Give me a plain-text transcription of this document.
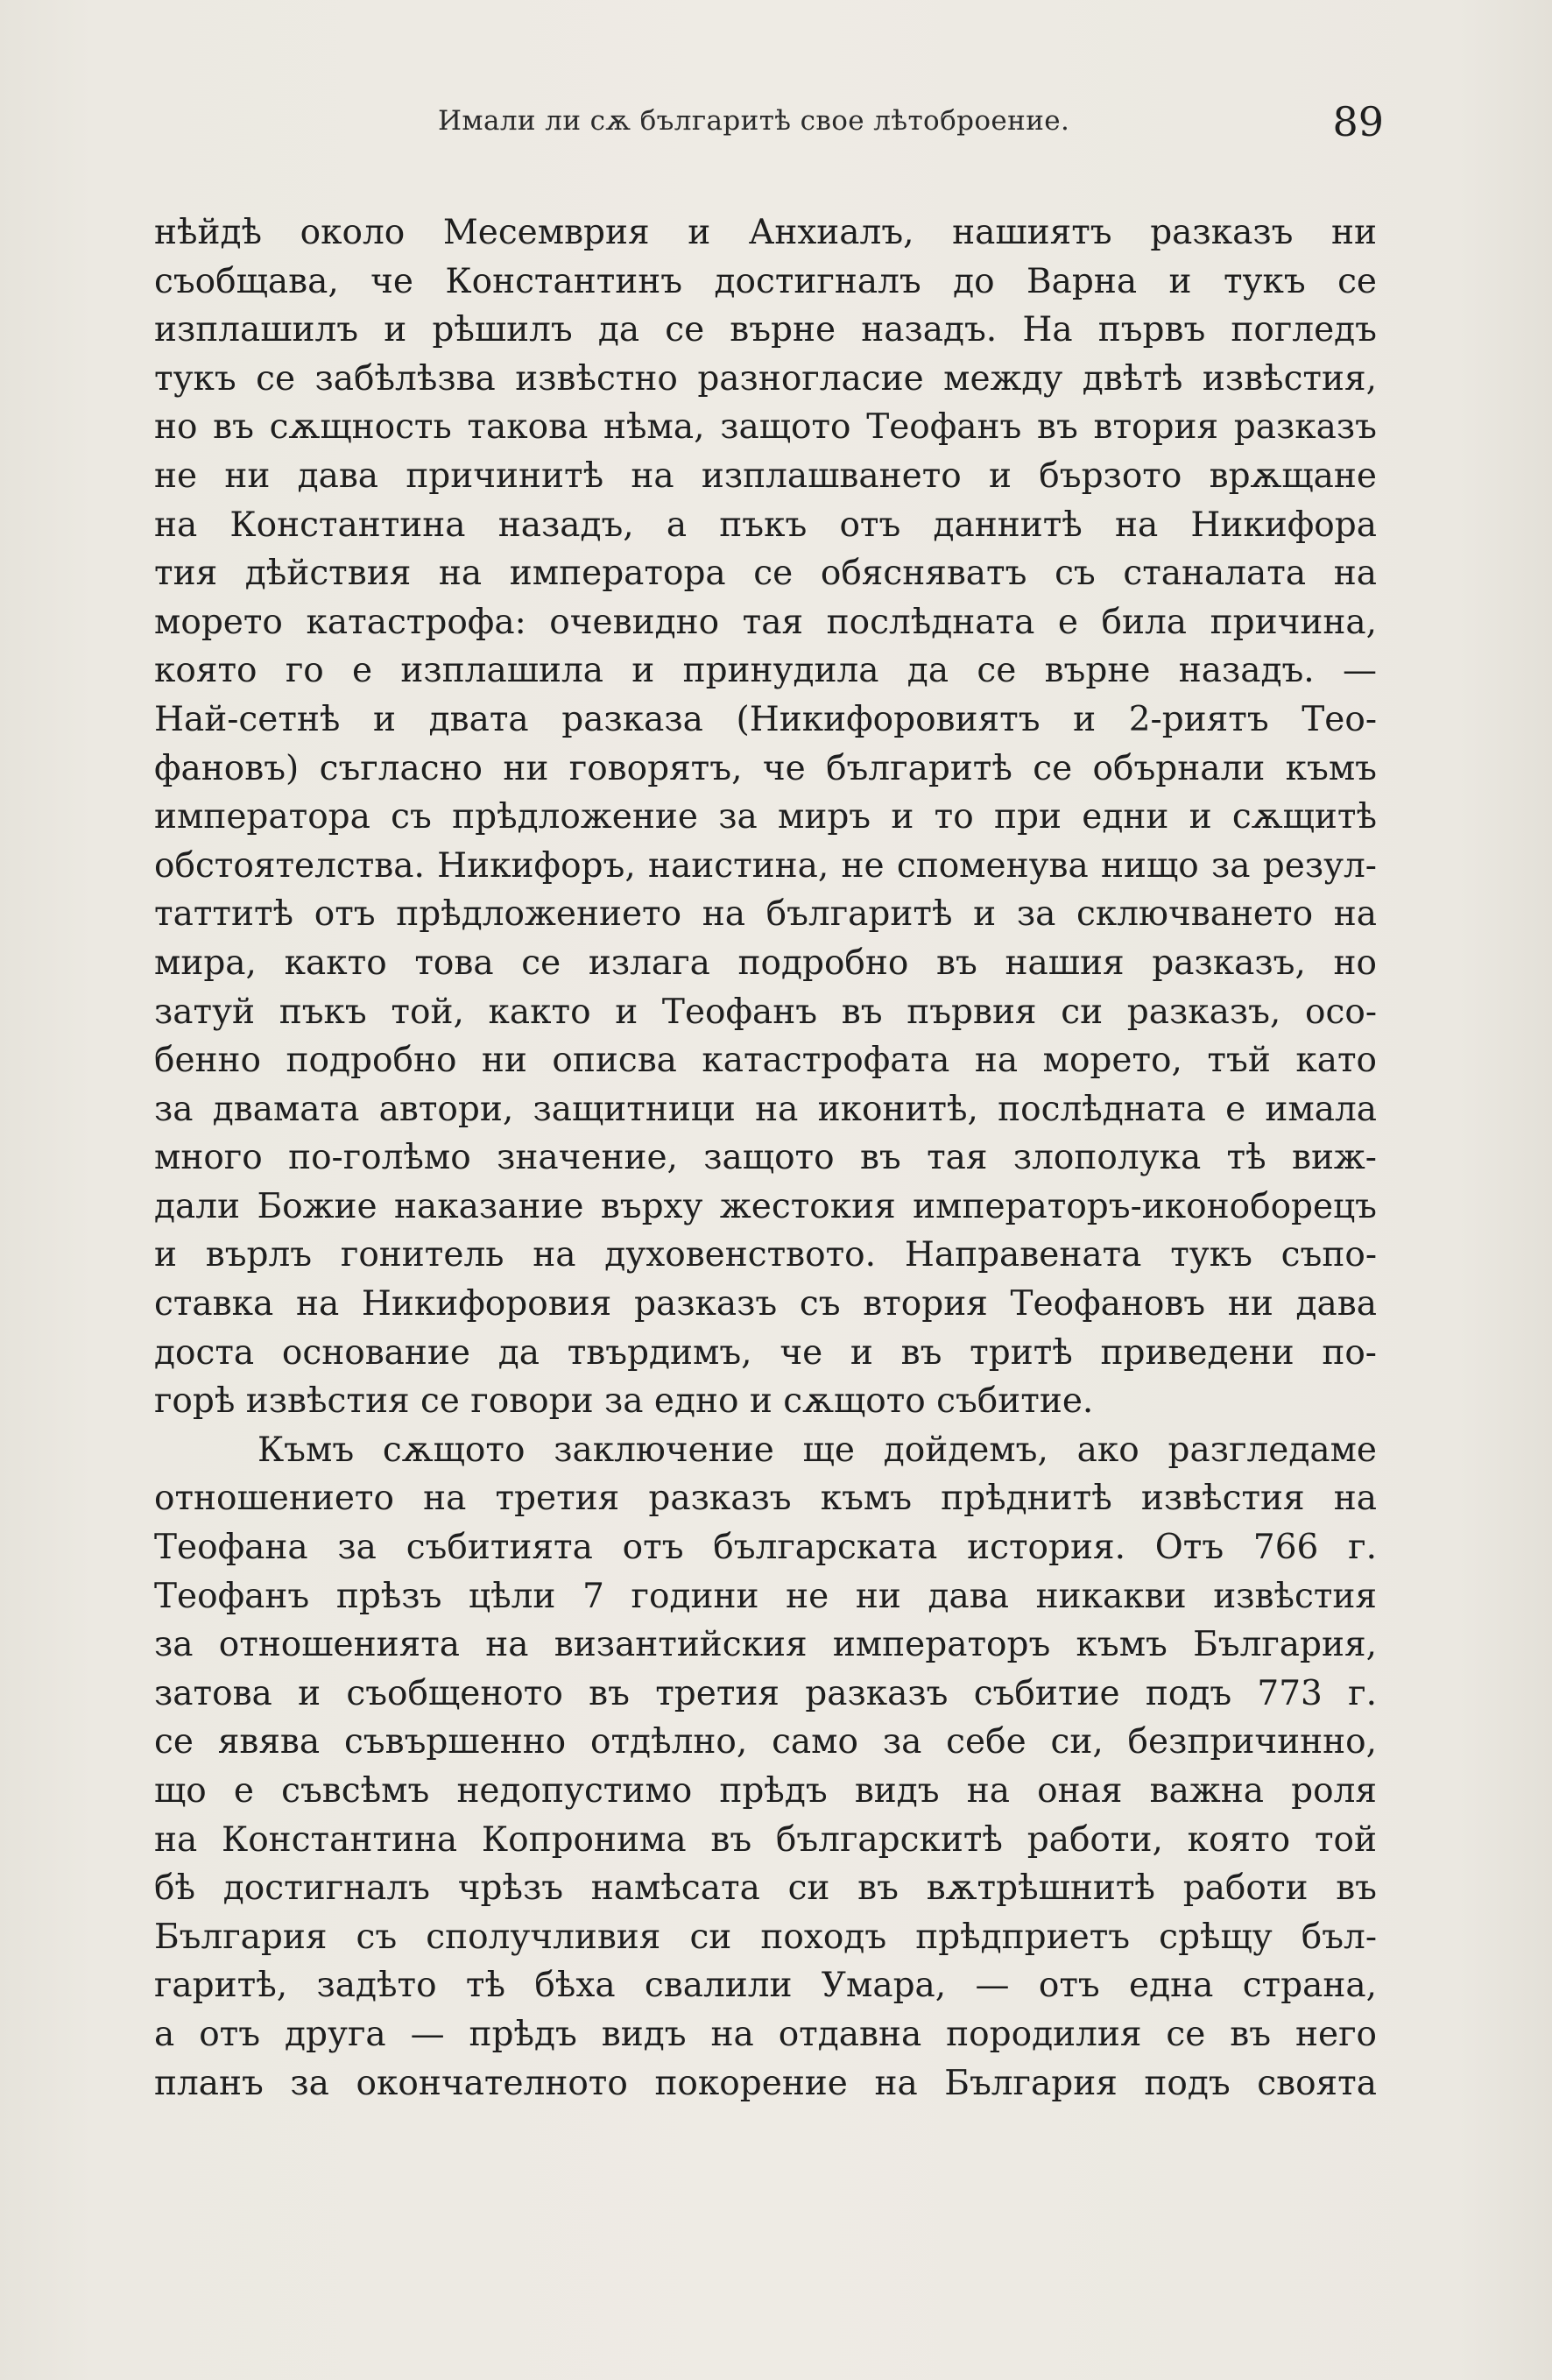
Имали ли сѫ българитѣ свое лѣтоброение.	89
нѣйдѣ около Месемврия и Анхиалъ, нашиятъ разказъ ни
съобщава, че Константинъ достигналъ до Варна и тукъ се
изплашилъ и рѣшилъ да се върне назадъ. На първъ погледъ
тукъ се забѣлѣзва извѣстно разногласие между двѣтѣ извѣстия,
но въ сѫщность такова нѣма, защото Теофанъ въ втория разказъ
не ни дава причинитѣ на изплашването и бързото врѫщане
на Константина назадъ, а пъкъ отъ даннитѣ на Никифора
тия дѣйствия на императора се обясняватъ съ станалата на
морето катастрофа: очевидно тая послѣдната е била причина,
която го е изплашила и принудила да се върне назадъ. —
Най-сетнѣ и двата разказа (Никифоровиятъ и 2-риятъ Тео-
фановъ) съгласно ни говорятъ, че българитѣ се обърнали къмъ
императора съ прѣдложение за миръ и то при едни и сѫщитѣ
обстоятелства. Никифоръ, наистина, не споменува нищо за резул-
таттитѣ отъ прѣдложението на българитѣ и за сключването на
мира, както това се излага подробно въ нашия разказъ, но
затуй пъкъ той, както и Теофанъ въ първия си разказъ, осо-
бенно подробно ни описва катастрофата на морето, тъй като
за двамата автори, защитници на иконитѣ, послѣдната е имала
много по-голѣмо значение, защото въ тая злополука тѣ виж-
дали Божие наказание върху жестокия императоръ-иконоборецъ
и върлъ гонитель на духовенството. Направената тукъ съпо-
ставка на Никифоровия разказъ съ втория Теофановъ ни дава
доста основание да твърдимъ, че и въ тритѣ приведени по-
горѣ извѣстия се говори за едно и сѫщото събитие.
Къмъ сѫщото заключение ще дойдемъ, ако разгледаме
отношението на третия разказъ къмъ прѣднитѣ извѣстия на
Теофана за събитията отъ българската история. Отъ 766 г.
Теофанъ прѣзъ цѣли 7 години не ни дава никакви извѣстия
за отношенията на византийския императоръ къмъ България,
затова и съобщеното въ третия разказъ събитие подъ 773 г.
се явява съвършенно отдѣлно, само за себе си, безпричинно,
що е съвсѣмъ недопустимо прѣдъ видъ на оная важна роля
на Константина Копронима въ българскитѣ работи, която той
бѣ достигналъ чрѣзъ намѣсата си въ вѫтрѣшнитѣ работи въ
България съ сполучливия си походъ прѣдприетъ срѣщу бъл-
гаритѣ, задѣто тѣ бѣха свалили Умара, — отъ една страна,
а отъ друга — прѣдъ видъ на отдавна породилия се въ него
планъ за окончателното покорение на България подъ своята
